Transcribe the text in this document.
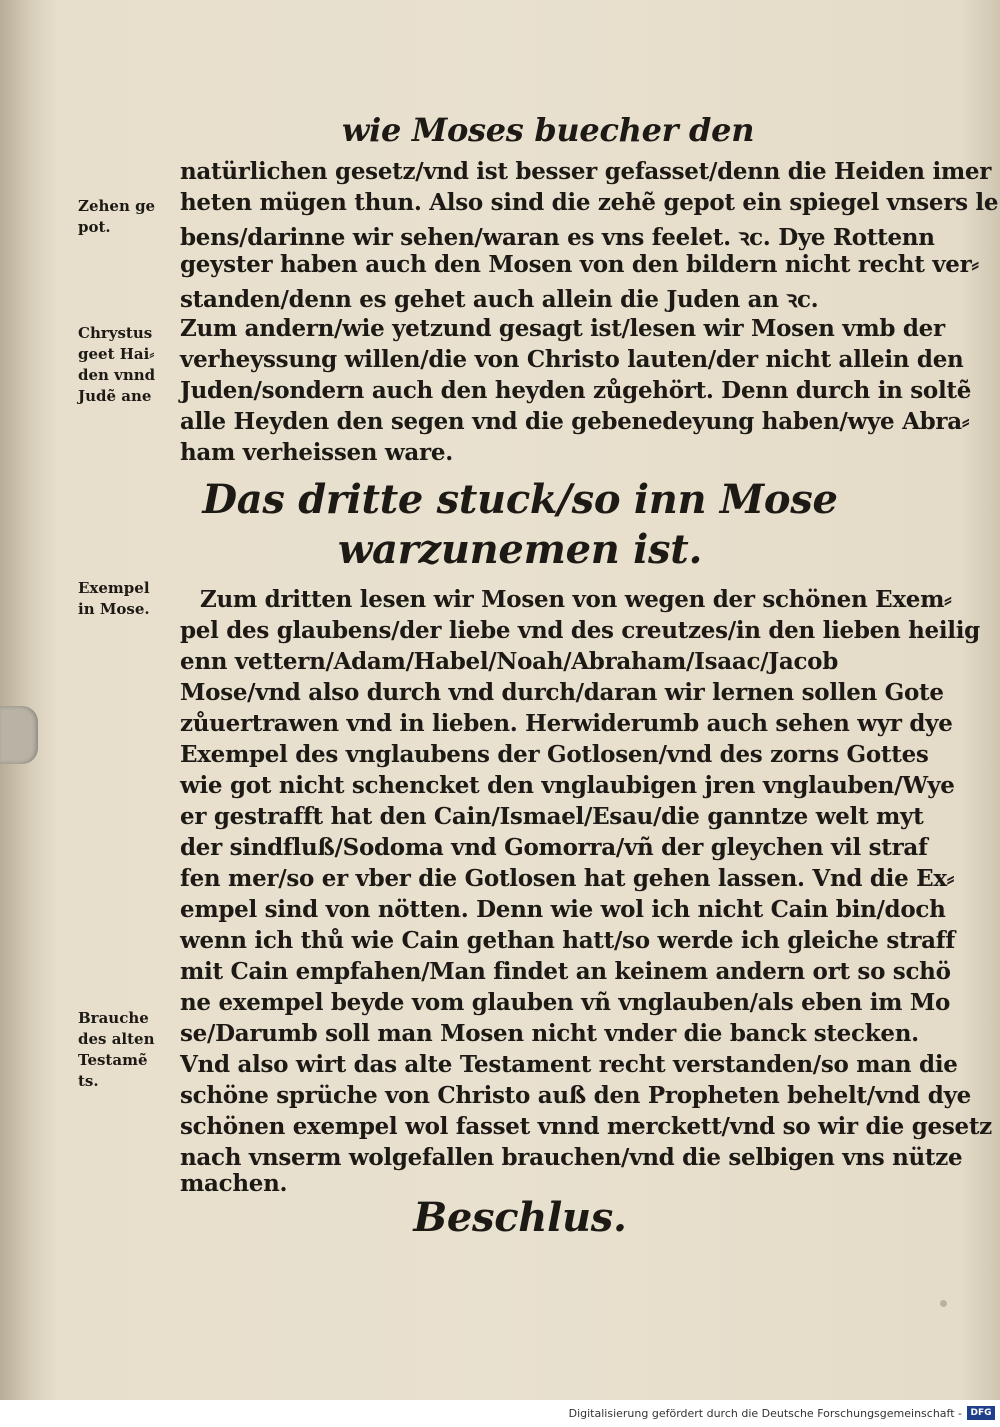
wie Moses buecher den

natürlichen gesetz/vnd ist besser gefasset/denn die Heiden imer

heten mügen thun. Also sind die zehẽ gepot ein spiegel vnsers le

bens/darinne wir sehen/waran es vns feelet. ꝛc. Dye Rottenn

geyster haben auch den Mosen von den bildern nicht recht ver⸗

standen/denn es gehet auch allein die Juden an ꝛc.

Zum andern/wie yetzund gesagt ist/lesen wir Mosen vmb der

verheyssung willen/die von Christo lauten/der nicht allein den

Juden/sondern auch den heyden zůgehört. Denn durch in soltẽ

alle Heyden den segen vnd die gebenedeyung haben/wye Abra⸗

ham verheissen ware.

Das dritte stuck/so inn Mose

warzunemen ist.

Zum dritten lesen wir Mosen von wegen der schönen Exem⸗

pel des glaubens/der liebe vnd des creutzes/in den lieben heilig

enn vettern/Adam/Habel/Noah/Abraham/Isaac/Jacob

Mose/vnd also durch vnd durch/daran wir lernen sollen Gote

zůuertrawen vnd in lieben. Herwiderumb auch sehen wyr dye

Exempel des vnglaubens der Gotlosen/vnd des zorns Gottes

wie got nicht schencket den vnglaubigen jren vnglauben/Wye

er gestrafft hat den Cain/Ismael/Esau/die ganntze welt myt

der sindfluß/Sodoma vnd Gomorra/vñ der gleychen vil straf

fen mer/so er vber die Gotlosen hat gehen lassen. Vnd die Ex⸗

empel sind von nötten. Denn wie wol ich nicht Cain bin/doch

wenn ich thů wie Cain gethan hatt/so werde ich gleiche straff

mit Cain empfahen/Man findet an keinem andern ort so schö

ne exempel beyde vom glauben vñ vnglauben/als eben im Mo

se/Darumb soll man Mosen nicht vnder die banck stecken.

Vnd also wirt das alte Testament recht verstanden/so man die

schöne sprüche von Christo auß den Propheten behelt/vnd dye

schönen exempel wol fasset vnnd merckett/vnd so wir die gesetz

nach vnserm wolgefallen brauchen/vnd die selbigen vns nütze

machen.

Beschlus.

Zehen ge
pot.
Chrystus
geet Hai⸗
den vnnd
Judẽ ane
Exempel
in Mose.
Brauche
des alten
Testamẽ
ts.

Digitalisierung gefördert durch die Deutsche Forschungsgemeinschaft - DFG
